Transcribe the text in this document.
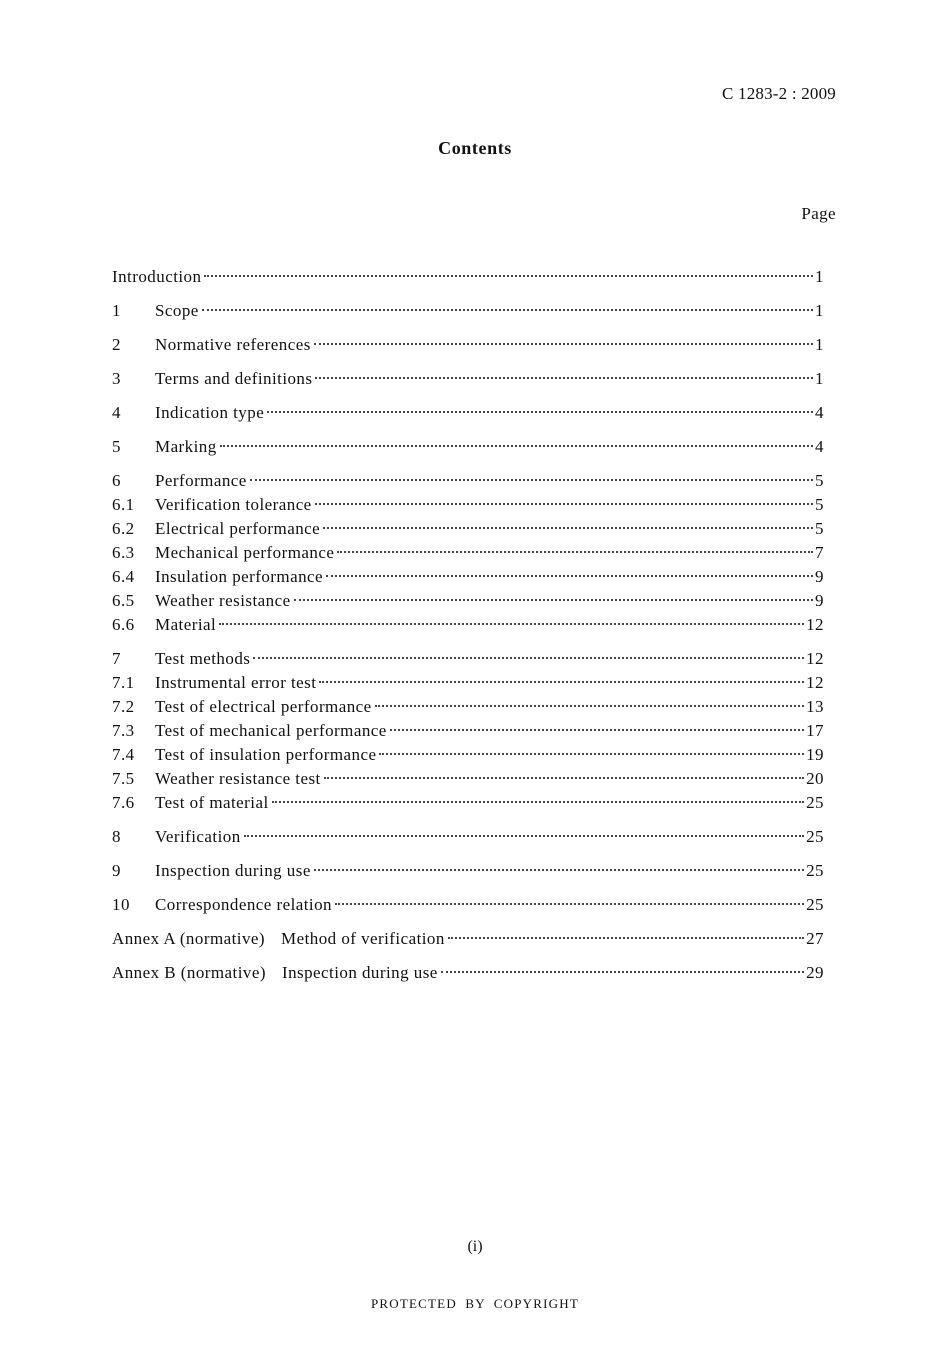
C 1283-2 : 2009
Contents
Page
Introduction	1
1	Scope	1
2	Normative references	1
3	Terms and definitions	1
4	Indication type	4
5	Marking	4
6	Performance	5
6.1	Verification tolerance	5
6.2	Electrical performance	5
6.3	Mechanical performance	7
6.4	Insulation performance	9
6.5	Weather resistance	9
6.6	Material	12
7	Test methods	12
7.1	Instrumental error test	12
7.2	Test of electrical performance	13
7.3	Test of mechanical performance	17
7.4	Test of insulation performance	19
7.5	Weather resistance test	20
7.6	Test of material	25
8	Verification	25
9	Inspection during use	25
10	Correspondence relation	25
Annex A (normative) Method of verification	27
Annex B (normative) Inspection during use	29
(i)
PROTECTED BY COPYRIGHT
